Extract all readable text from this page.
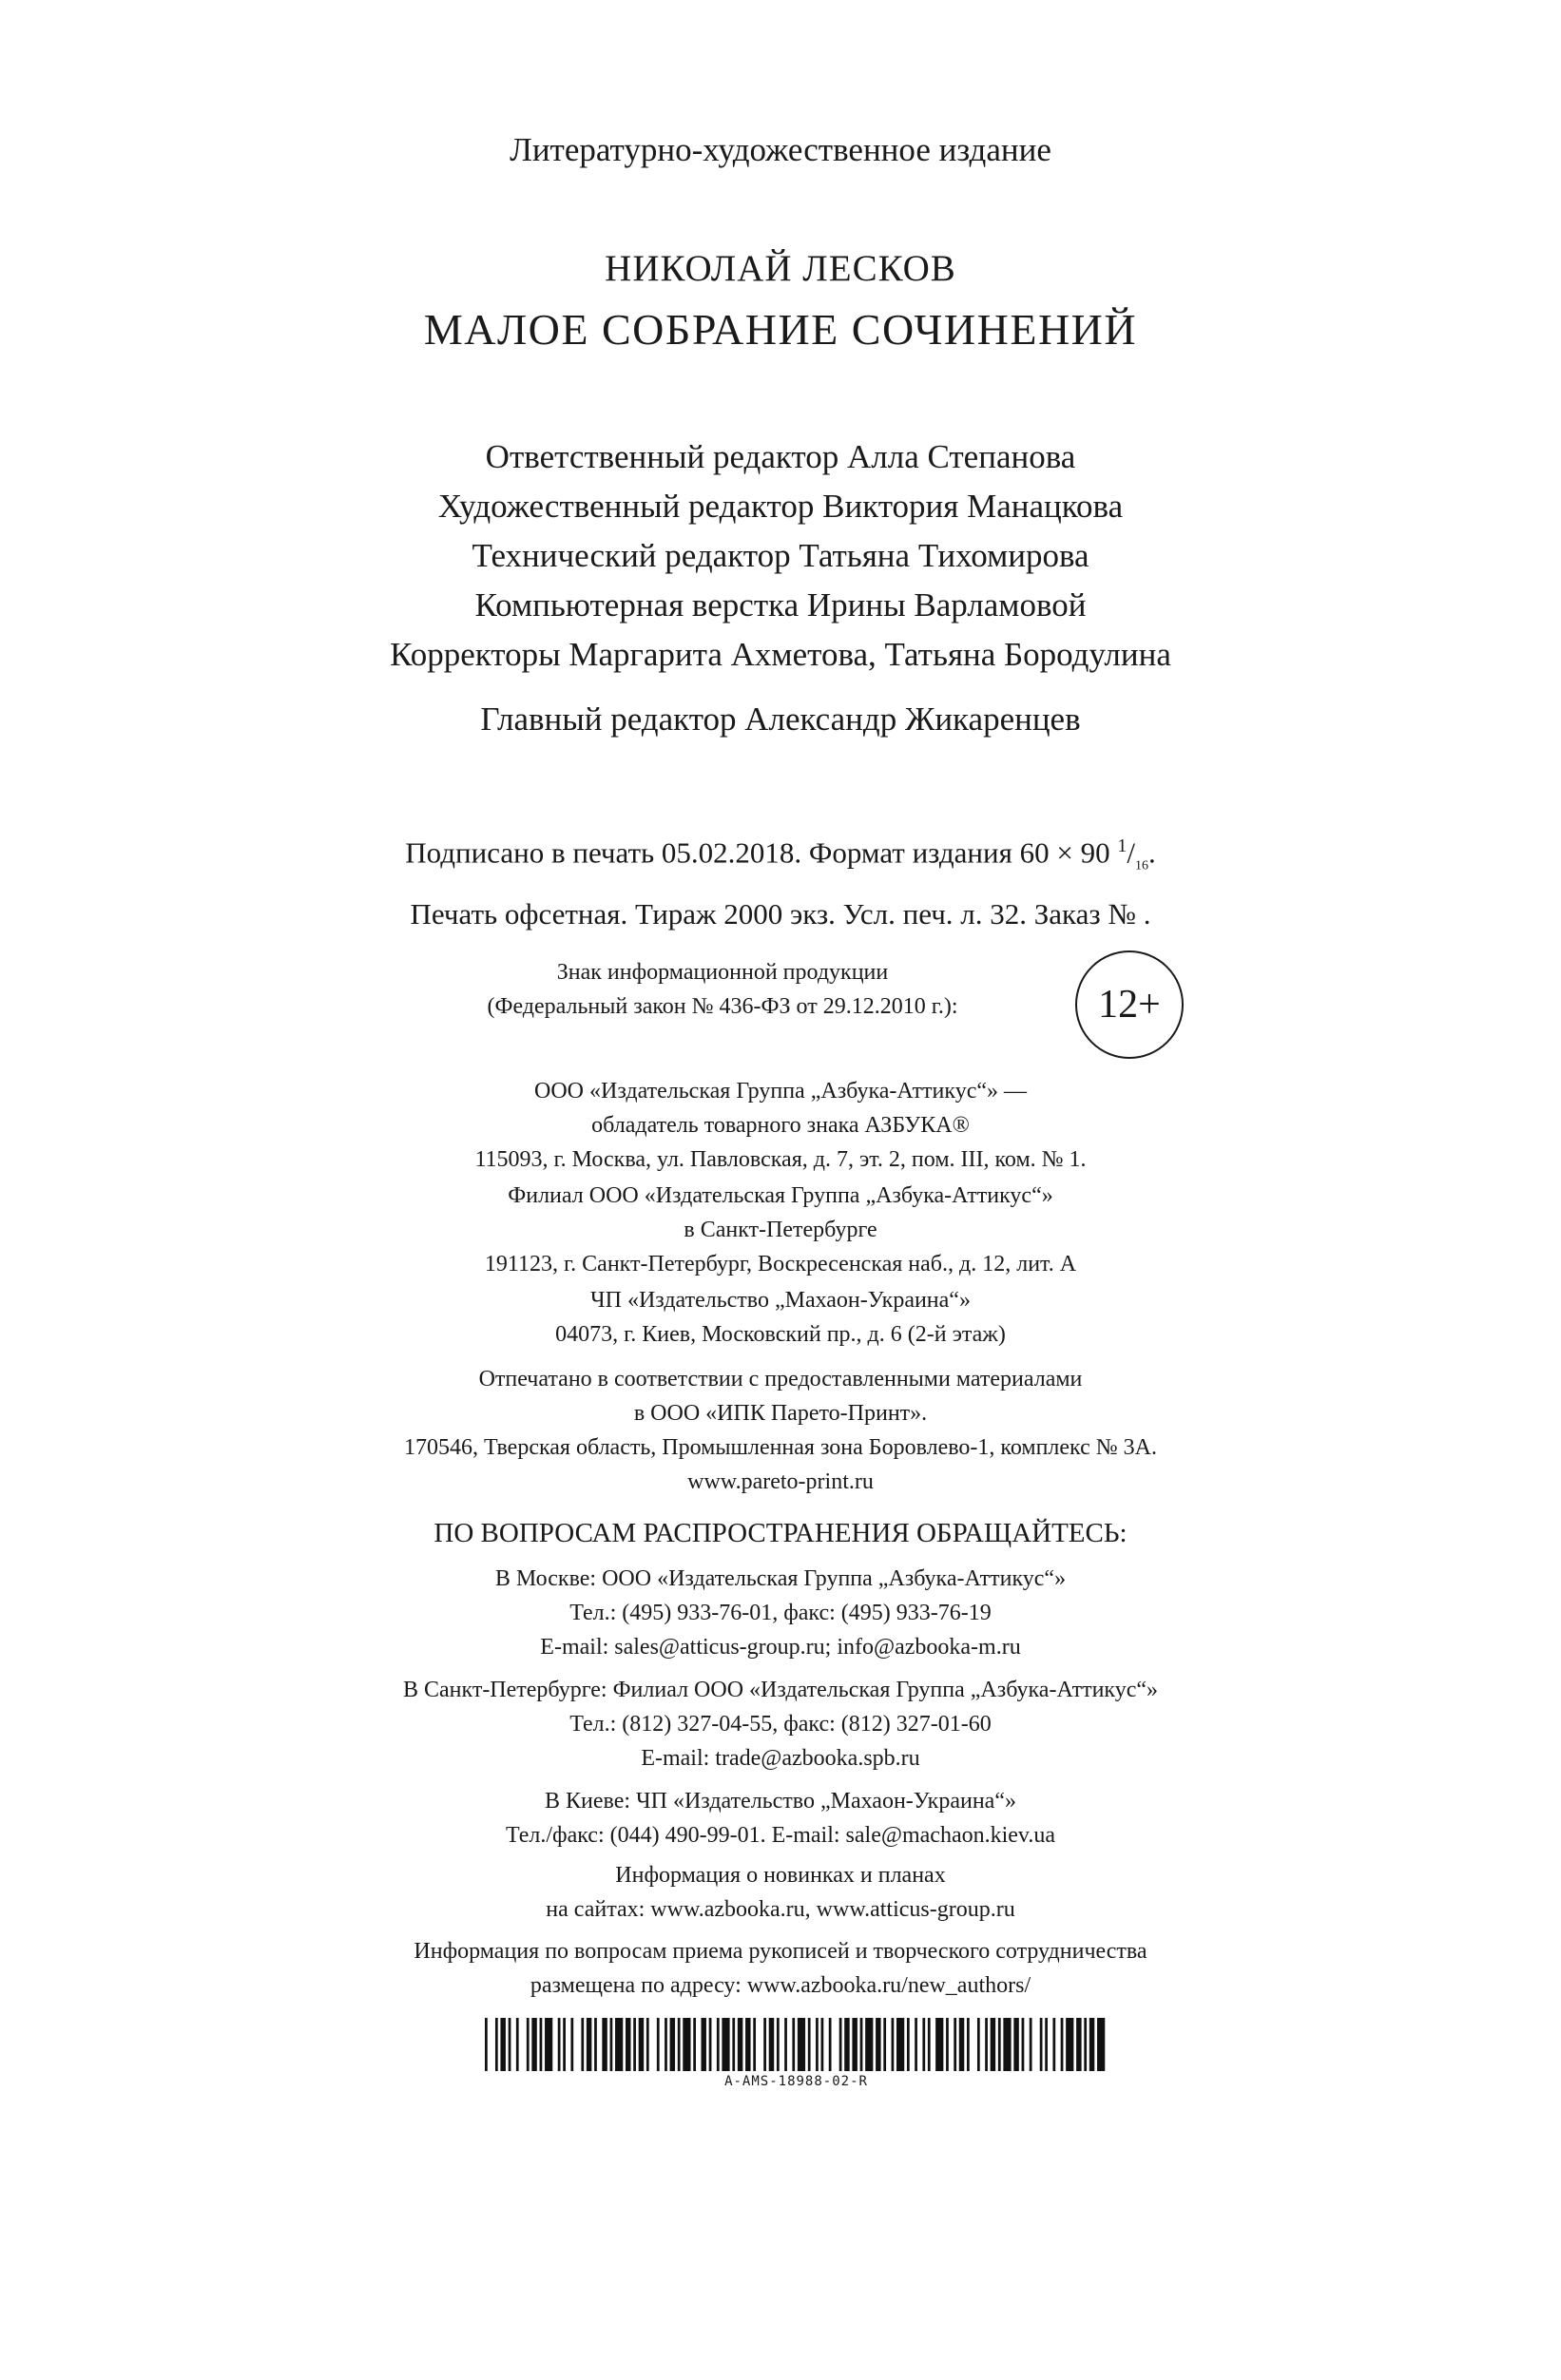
Литературно-художественное издание
НИКОЛАЙ ЛЕСКОВ
МАЛОЕ СОБРАНИЕ СОЧИНЕНИЙ
Ответственный редактор Алла Степанова
Художественный редактор Виктория Манацкова
Технический редактор Татьяна Тихомирова
Компьютерная верстка Ирины Варламовой
Корректоры Маргарита Ахметова, Татьяна Бородулина
Главный редактор Александр Жикаренцев
Подписано в печать 05.02.2018. Формат издания 60 × 90 $^1/_{16}$.
Печать офсетная. Тираж 2000 экз. Усл. печ. л. 32. Заказ № .
12+
ООО «Издательская Группа „Азбука-Аттикус“» —
обладатель товарного знака АЗБУКА®
115093, г. Москва, ул. Павловская, д. 7, эт. 2, пом. III, ком. № 1.
Филиал ООО «Издательская Группа „Азбука-Аттикус“»
в Санкт-Петербурге
191123, г. Санкт-Петербург, Воскресенская наб., д. 12, лит. А
ЧП «Издательство „Махаон-Украина“»
04073, г. Киев, Московский пр., д. 6 (2-й этаж)
Отпечатано в соответствии с предоставленными материалами
в ООО «ИПК Парето-Принт».
170546, Тверская область, Промышленная зона Боровлево-1, комплекс № 3А.
www.pareto-print.ru
ПО ВОПРОСАМ РАСПРОСТРАНЕНИЯ ОБРАЩАЙТЕСЬ:
В Москве: ООО «Издательская Группа „Азбука-Аттикус“»
Тел.: (495) 933-76-01, факс: (495) 933-76-19
E-mail: sales@atticus-group.ru; info@azbooka-m.ru
В Санкт-Петербурге: Филиал ООО «Издательская Группа „Азбука-Аттикус“»
Тел.: (812) 327-04-55, факс: (812) 327-01-60
E-mail: trade@azbooka.spb.ru
В Киеве: ЧП «Издательство „Махаон-Украина“»
Тел./факс: (044) 490-99-01. E-mail: sale@machaon.kiev.ua
Информация о новинках и планах
на сайтах: www.azbooka.ru, www.atticus-group.ru
Информация по вопросам приема рукописей и творческого сотрудничества
размещена по адресу: www.azbooka.ru/new_authors/
A-AMS-18988-02-R
Знак информационной продукции
(Федеральный закон № 436-ФЗ от 29.12.2010 г.):
